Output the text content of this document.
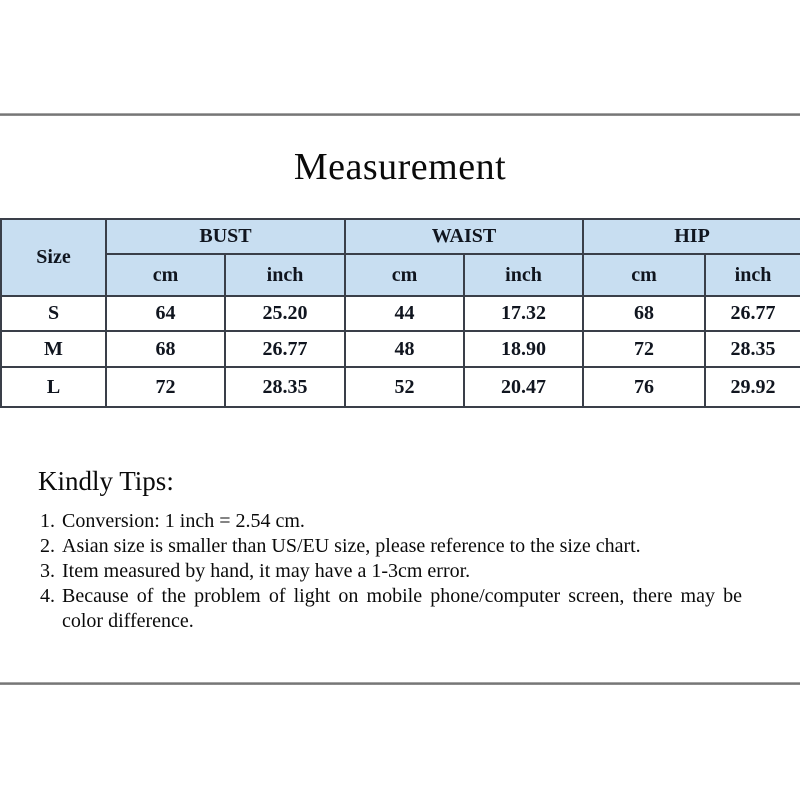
Measurement
Size	BUST		WAIST		HIP	
	cm	inch	cm	inch	cm	inch
S	64	25.20	44	17.32	68	26.77
M	68	26.77	48	18.90	72	28.35
L	72	28.35	52	20.47	76	29.92
Kindly Tips:
1. Conversion: 1 inch = 2.54 cm.
2. Asian size is smaller than US/EU size, please reference to the size chart.
3. Item measured by hand, it may have a 1-3cm error.
4. Because of the problem of light on mobile phone/computer screen, there may be color difference.
